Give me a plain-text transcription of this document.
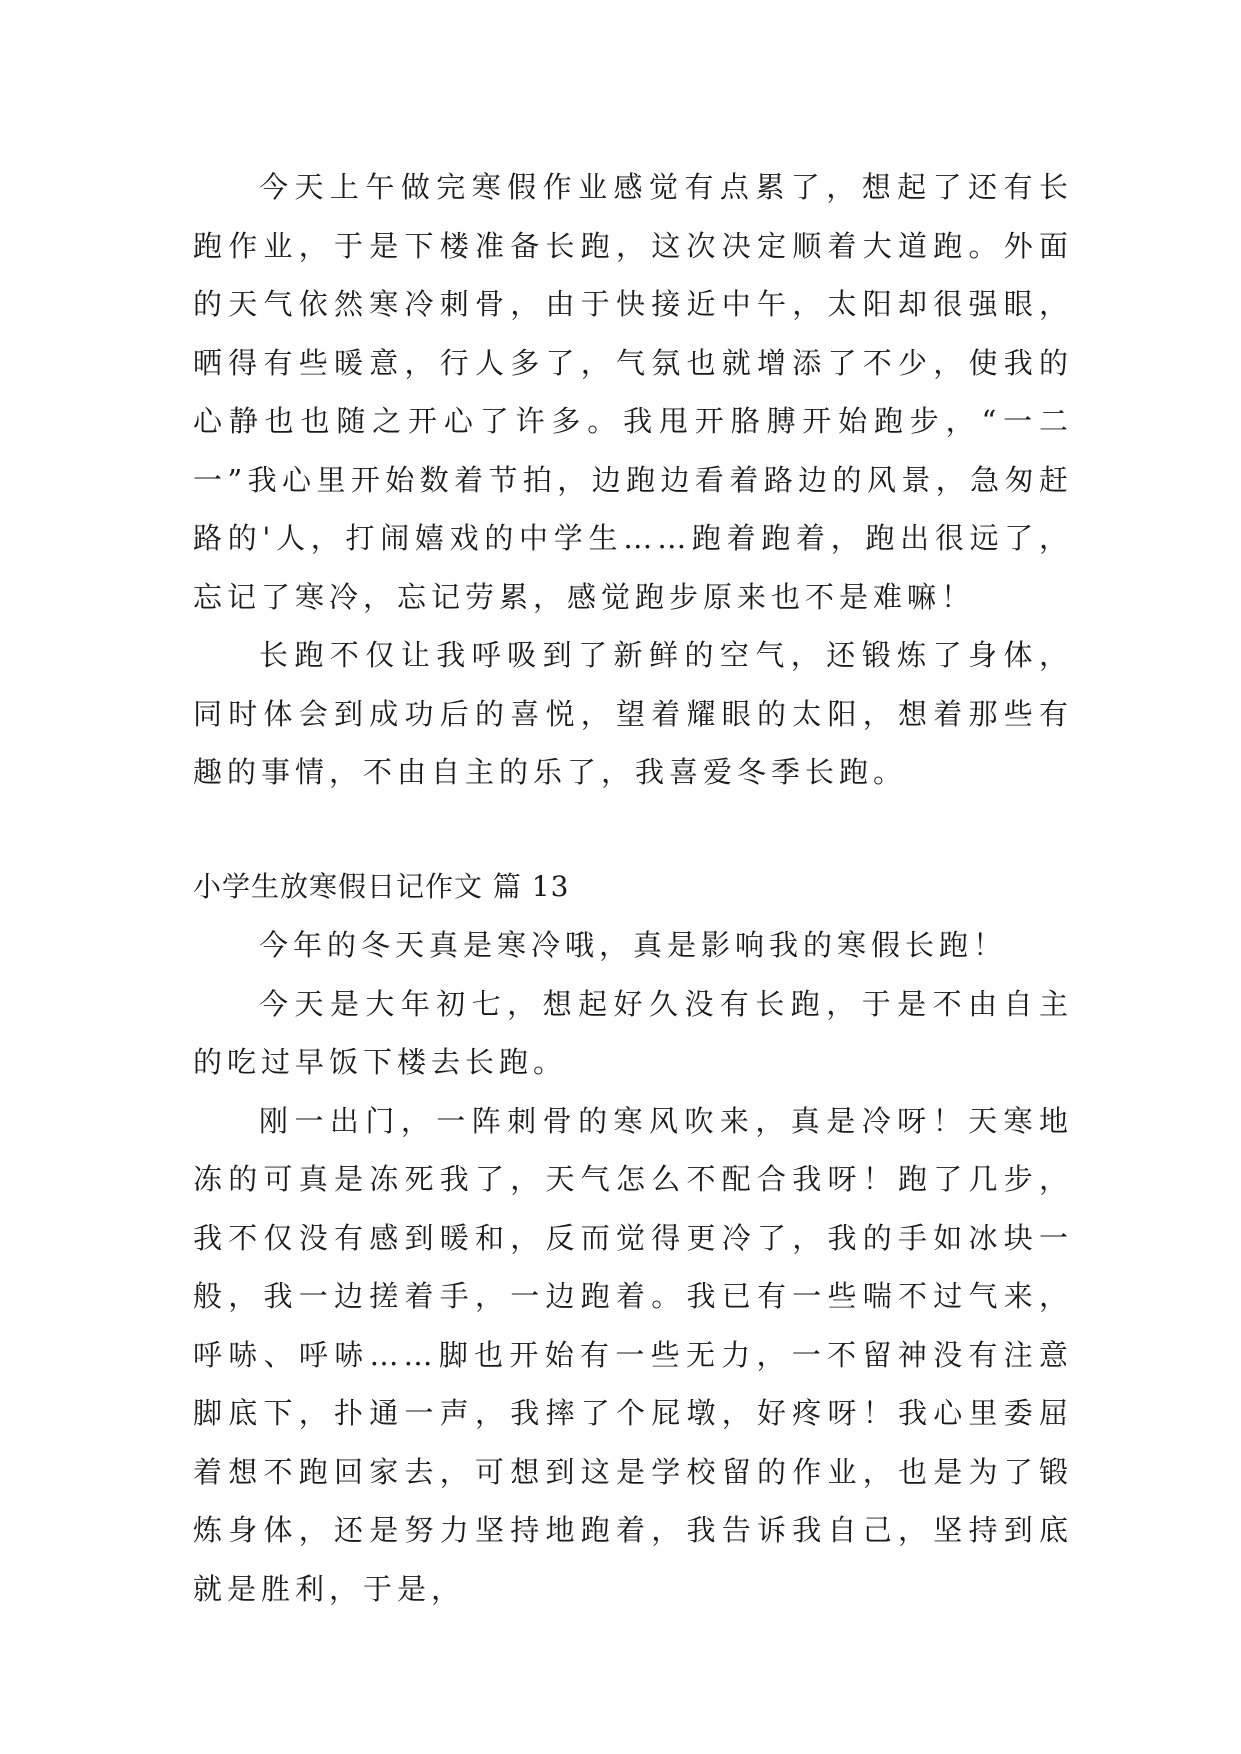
今天上午做完寒假作业感觉有点累了，想起了还有长跑作业，于是下楼准备长跑，这次决定顺着大道跑。外面的天气依然寒冷刺骨，由于快接近中午，太阳却很强眼，晒得有些暖意，行人多了，气氛也就增添了不少，使我的心静也也随之开心了许多。我甩开胳膊开始跑步，“一二一”我心里开始数着节拍，边跑边看着路边的风景，急匆赶路的'人，打闹嬉戏的中学生……跑着跑着，跑出很远了，忘记了寒冷，忘记劳累，感觉跑步原来也不是难嘛！

长跑不仅让我呼吸到了新鲜的空气，还锻炼了身体，同时体会到成功后的喜悦，望着耀眼的太阳，想着那些有趣的事情，不由自主的乐了，我喜爱冬季长跑。

小学生放寒假日记作文 篇 13

今年的冬天真是寒冷哦，真是影响我的寒假长跑！

今天是大年初七，想起好久没有长跑，于是不由自主的吃过早饭下楼去长跑。

刚一出门，一阵刺骨的寒风吹来，真是冷呀！天寒地冻的可真是冻死我了，天气怎么不配合我呀！跑了几步，我不仅没有感到暖和，反而觉得更冷了，我的手如冰块一般，我一边搓着手，一边跑着。我已有一些喘不过气来，呼哧、呼哧……脚也开始有一些无力，一不留神没有注意脚底下，扑通一声，我摔了个屁墩，好疼呀！我心里委屈着想不跑回家去，可想到这是学校留的作业，也是为了锻炼身体，还是努力坚持地跑着，我告诉我自己，坚持到底就是胜利，于是，
